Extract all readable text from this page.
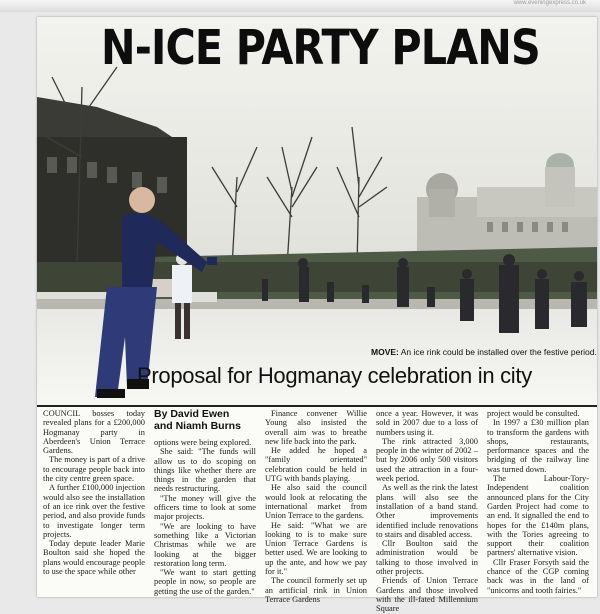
www.eveningexpress.co.uk
N-ICE PARTY PLANS
MOVE: An ice rink could be installed over the festive period.
Proposal for Hogmanay celebration in city

COUNCIL bosses today revealed plans for a £200,000 Hogmanay party in Aberdeen's Union Terrace Gardens.

The money is part of a drive to encourage people back into the city centre green space.

A further £100,000 injection would also see the installation of an ice rink over the festive period, and also provide funds to investigate longer term projects.

Today depute leader Marie Boulton said she hoped the plans would encourage people to use the space while other

By David Ewen
and Niamh Burns

options were being explored.

She said: "The funds will allow us to do scoping on things like whether there are things in the garden that needs restructuring.

"The money will give the officers time to look at some major projects.

"We are looking to have something like a Victorian Christmas while we are looking at the bigger restoration long term.

"We want to start getting people in now, so people are getting the use of the garden."

Finance convener Willie Young also insisted the overall aim was to breathe new life back into the park.

He added he hoped a "family orientated" celebration could be held in UTG with bands playing.

He also said the council would look at relocating the international market from Union Terrace to the gardens.

He said: "What we are looking to is to make sure Union Terrace Gardens is better used. We are looking to up the ante, and how we pay for it."

The council formerly set up an artificial rink in Union Terrace Gardens

once a year. However, it was sold in 2007 due to a loss of numbers using it.

The rink attracted 3,000 people in the winter of 2002 – but by 2006 only 500 visitors used the attraction in a four-week period.

As well as the rink the latest plans will also see the installation of a band stand. Other improvements identified include renovations to stairs and disabled access.

Cllr Boulton said the administration would be talking to those involved in other projects.

Friends of Union Terrace Gardens and those involved with the ill-fated Millennium Square

project would be consulted.

In 1997 a £30 million plan to transform the gardens with shops, restaurants, performance spaces and the bridging of the railway line was turned down.

The Labour-Tory-Independent coalition announced plans for the City Garden Project had come to an end. It signalled the end to hopes for the £140m plans, with the Tories agreeing to support their coalition partners' alternative vision.

Cllr Fraser Forsyth said the chance of the CGP coming back was in the land of "unicorns and tooth fairies."
